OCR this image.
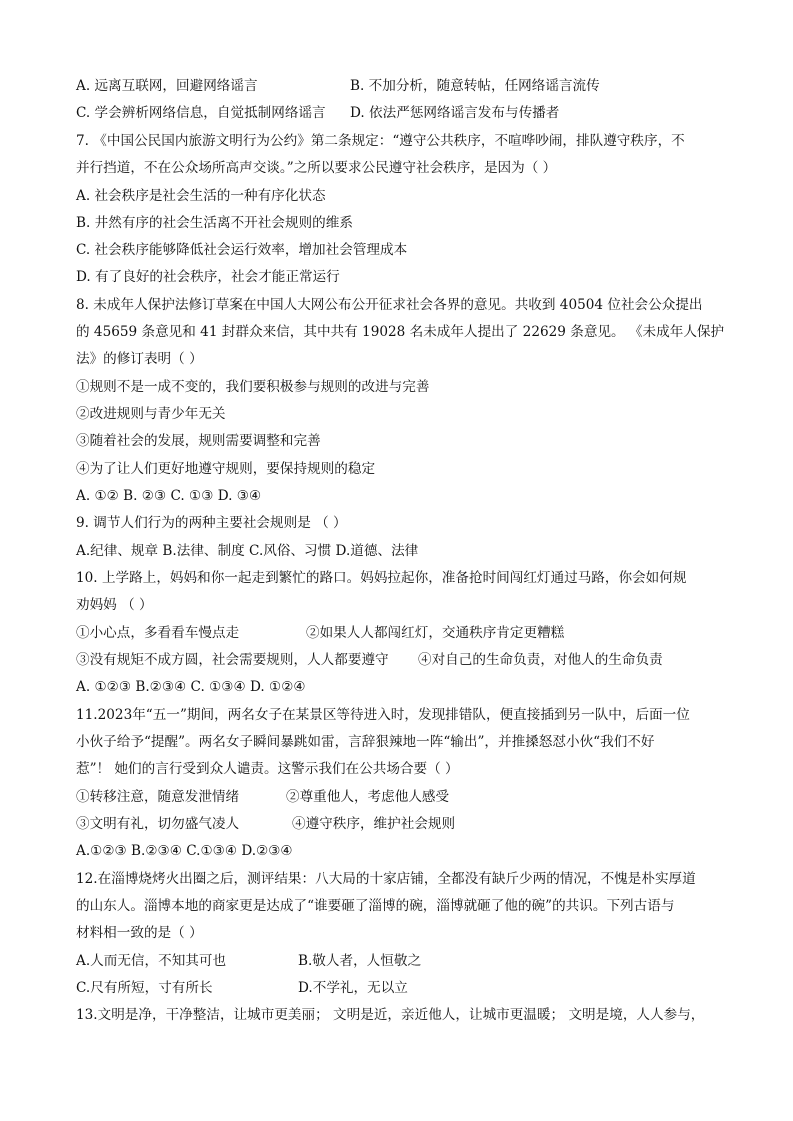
A. 远离互联网，回避网络谣言	B. 不加分析，随意转帖，任网络谣言流传
C. 学会辨析网络信息，自觉抵制网络谣言 D. 依法严惩网络谣言发布与传播者
7. 《中国公民国内旅游文明行为公约》第二条规定：“遵守公共秩序，不喧哗吵闹，排队遵守秩序，不
并行挡道，不在公众场所高声交谈。”之所以要求公民遵守社会秩序，是因为（ ）
A. 社会秩序是社会生活的一种有序化状态
B. 井然有序的社会生活离不开社会规则的维系
C. 社会秩序能够降低社会运行效率，增加社会管理成本
D. 有了良好的社会秩序，社会才能正常运行
8. 未成年人保护法修订草案在中国人大网公布公开征求社会各界的意见。共收到 40504 位社会公众提出
的 45659 条意见和 41 封群众来信，其中共有 19028 名未成年人提出了 22629 条意见。 《未成年人保护
法》的修订表明（ ）
①规则不是一成不变的，我们要积极参与规则的改进与完善
②改进规则与青少年无关
③随着社会的发展，规则需要调整和完善
④为了让人们更好地遵守规则，要保持规则的稳定
A. ①② B. ②③ C. ①③ D. ③④
9. 调节人们行为的两种主要社会规则是 （ ）
A.纪律、规章 B.法律、制度 C.风俗、习惯 D.道德、法律
10. 上学路上，妈妈和你一起走到繁忙的路口。妈妈拉起你，准备抢时间闯红灯通过马路，你会如何规
劝妈妈 （ ）
①小心点，多看看车慢点走	②如果人人都闯红灯，交通秩序肯定更糟糕
③没有规矩不成方圆，社会需要规则，人人都要遵守 ④对自己的生命负责，对他人的生命负责
A. ①②③ B.②③④ C. ①③④ D. ①②④
11.2023年“五一”期间，两名女子在某景区等待进入时，发现排错队，便直接插到另一队中，后面一位
小伙子给予“提醒”。两名女子瞬间暴跳如雷，言辞狠辣地一阵“输出”，并推搡怒怼小伙“我们不好
惹”！ 她们的言行受到众人谴责。这警示我们在公共场合要（ ）
①转移注意，随意发泄情绪	②尊重他人，考虑他人感受
③文明有礼，切勿盛气凌人	④遵守秩序，维护社会规则
A.①②③ B.②③④ C.①③④ D.②③④
12.在淄博烧烤火出圈之后，测评结果：八大局的十家店铺，全都没有缺斤少两的情况，不愧是朴实厚道
的山东人。淄博本地的商家更是达成了“谁要砸了淄博的碗，淄博就砸了他的碗”的共识。下列古语与
材料相一致的是（ ）
A.人而无信，不知其可也	B.敬人者，人恒敬之
C.尺有所短，寸有所长	D.不学礼，无以立
13.文明是净，干净整洁，让城市更美丽； 文明是近，亲近他人，让城市更温暖； 文明是境，人人参与，
